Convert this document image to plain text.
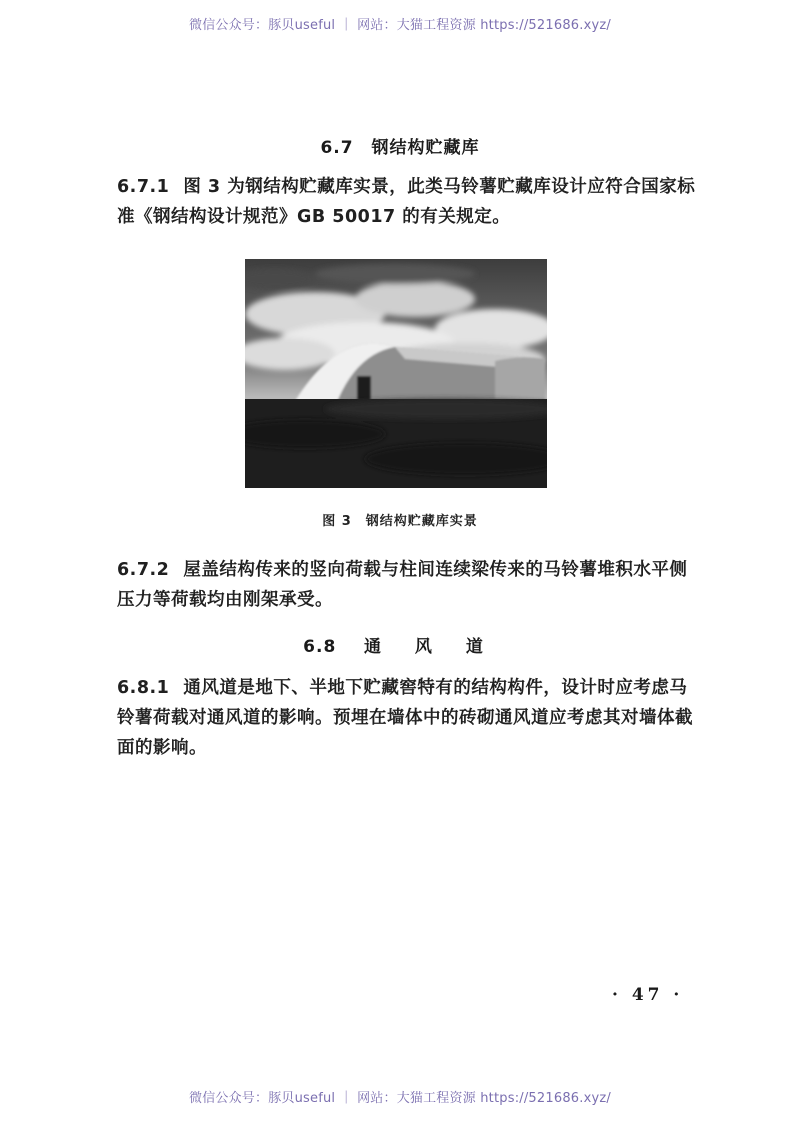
微信公众号：豚贝useful ｜ 网站：大猫工程资源 https://521686.xyz/
6.7　钢结构贮藏库
6.7.1 图 3 为钢结构贮藏库实景，此类马铃薯贮藏库设计应符合国家标准《钢结构设计规范》GB 50017 的有关规定。
图 3 钢结构贮藏库实景
6.7.2 屋盖结构传来的竖向荷载与柱间连续梁传来的马铃薯堆积水平侧压力等荷载均由刚架承受。
6.8 通 风 道
6.8.1 通风道是地下、半地下贮藏窖特有的结构构件，设计时应考虑马铃薯荷载对通风道的影响。预埋在墙体中的砖砌通风道应考虑其对墙体截面的影响。
· 47 ·
微信公众号：豚贝useful ｜ 网站：大猫工程资源 https://521686.xyz/
